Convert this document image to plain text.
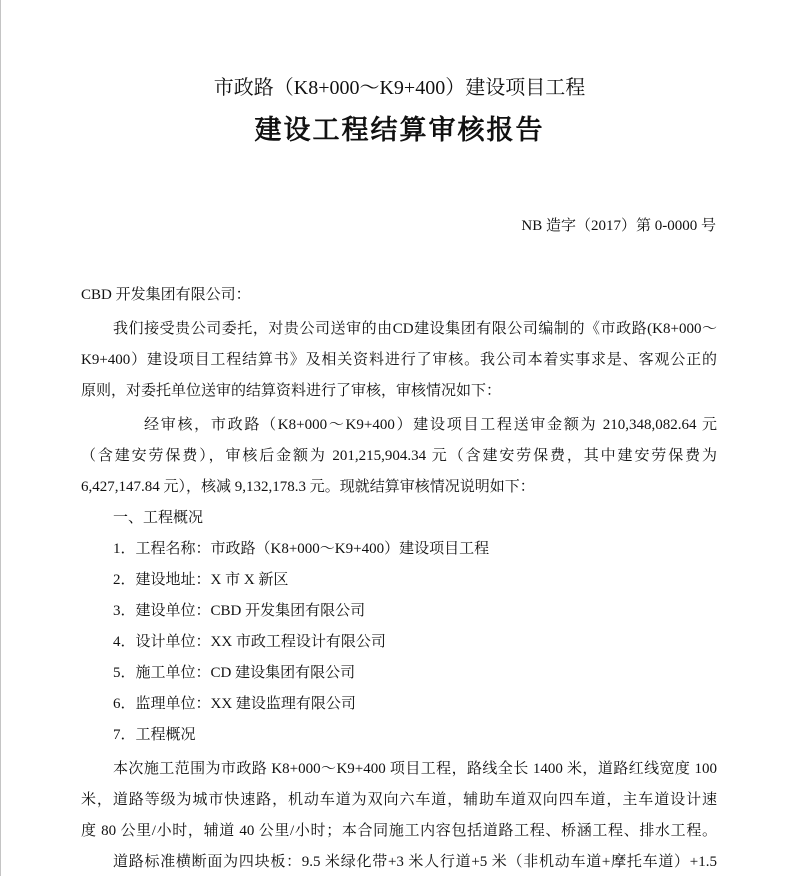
市政路（K8+000～K9+400）建设项目工程
建设工程结算审核报告
NB 造字（2017）第 0-0000 号
CBD 开发集团有限公司：
我们接受贵公司委托，对贵公司送审的由CD建设集团有限公司编制的《市政路(K8+000～
K9+400）建设项目工程结算书》及相关资料进行了审核。我公司本着实事求是、客观公正的
原则，对委托单位送审的结算资料进行了审核，审核情况如下：
经审核，市政路（K8+000～K9+400）建设项目工程送审金额为 210,348,082.64 元
（含建安劳保费），审核后金额为 201,215,904.34 元（含建安劳保费，其中建安劳保费为
6,427,147.84 元），核减 9,132,178.3 元。现就结算审核情况说明如下：
一、工程概况
1．工程名称：市政路（K8+000～K9+400）建设项目工程
2．建设地址：X 市 X 新区
3．建设单位：CBD 开发集团有限公司
4．设计单位：XX 市政工程设计有限公司
5．施工单位：CD 建设集团有限公司
6．监理单位：XX 建设监理有限公司
7．工程概况
本次施工范围为市政路 K8+000～K9+400 项目工程，路线全长 1400 米，道路红线宽度 100
米，道路等级为城市快速路，机动车道为双向六车道，辅助车道双向四车道，主车道设计速
度 80 公里/小时，辅道 40 公里/小时；本合同施工内容包括道路工程、桥涵工程、排水工程。
道路标准横断面为四块板：9.5 米绿化带+3 米人行道+5 米（非机动车道+摩托车道）+1.5
